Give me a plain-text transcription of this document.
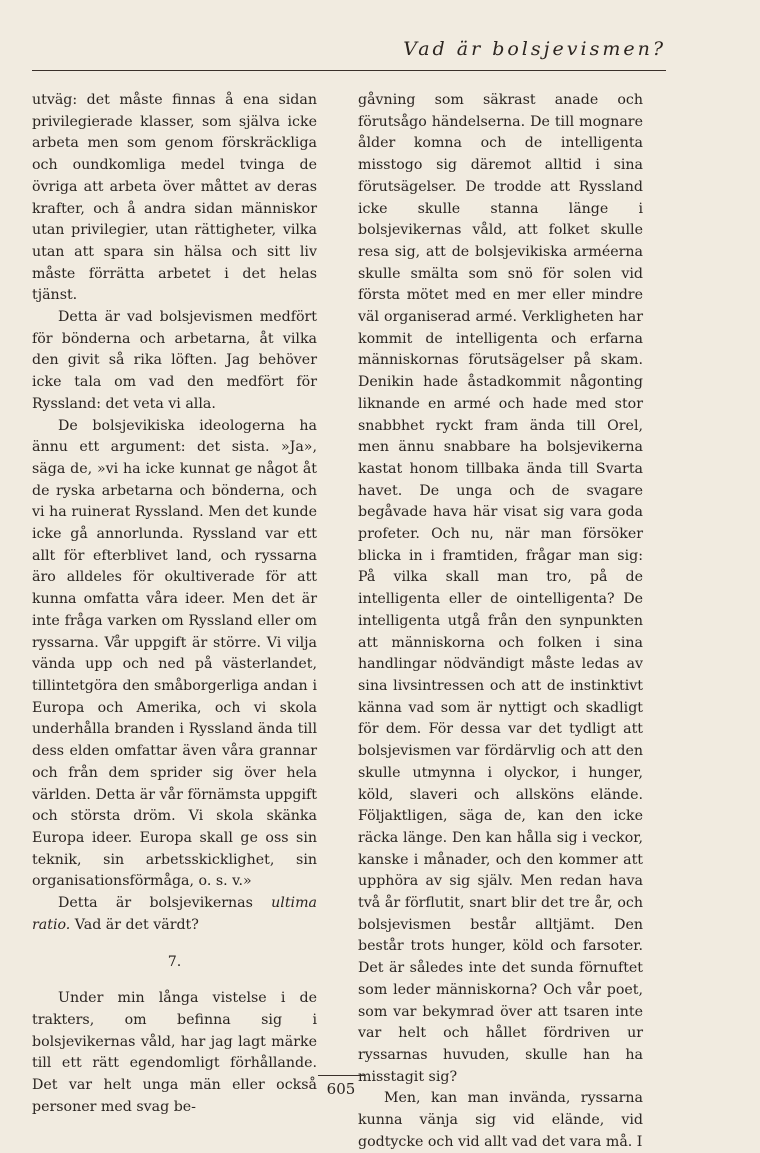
Vad är bolsjevismen?

utväg: det måste finnas å ena sidan privilegierade klasser, som själva icke arbeta men som genom förskräckliga och oundkomliga medel tvinga de övriga att arbeta över måttet av deras krafter, och å andra sidan människor utan privilegier, utan rättigheter, vilka utan att spara sin hälsa och sitt liv måste förrätta arbetet i det helas tjänst.

Detta är vad bolsjevismen medfört för bönderna och arbetarna, åt vilka den givit så rika löften. Jag behöver icke tala om vad den medfört för Ryssland: det veta vi alla.

De bolsjevikiska ideologerna ha ännu ett argument: det sista. »Ja», säga de, »vi ha icke kunnat ge något åt de ryska arbetarna och bönderna, och vi ha ruinerat Ryssland. Men det kunde icke gå annorlunda. Ryssland var ett allt för efterblivet land, och ryssarna äro alldeles för okultiverade för att kunna omfatta våra ideer. Men det är inte fråga varken om Ryssland eller om ryssarna. Vår uppgift är större. Vi vilja vända upp och ned på västerlandet, tillintetgöra den småborgerliga andan i Europa och Amerika, och vi skola underhålla branden i Ryssland ända till dess elden omfattar även våra grannar och från dem sprider sig över hela världen. Detta är vår förnämsta uppgift och största dröm. Vi skola skänka Europa ideer. Europa skall ge oss sin teknik, sin arbetsskicklighet, sin organisationsförmåga, o. s. v.»

Detta är bolsjevikernas ultima ratio. Vad är det värdt?

7.

Under min långa vistelse i de trakters, om befinna sig i bolsjevikernas våld, har jag lagt märke till ett rätt egendomligt förhållande. Det var helt unga män eller också personer med svag be-

gåvning som säkrast anade och förutsågo händelserna. De till mognare ålder komna och de intelligenta misstogo sig däremot alltid i sina förutsägelser. De trodde att Ryssland icke skulle stanna länge i bolsjevikernas våld, att folket skulle resa sig, att de bolsjevikiska arméerna skulle smälta som snö för solen vid första mötet med en mer eller mindre väl organiserad armé. Verkligheten har kommit de intelligenta och erfarna människornas förutsägelser på skam. Denikin hade åstadkommit någonting liknande en armé och hade med stor snabbhet ryckt fram ända till Orel, men ännu snabbare ha bolsjevikerna kastat honom tillbaka ända till Svarta havet. De unga och de svagare begåvade hava här visat sig vara goda profeter. Och nu, när man försöker blicka in i framtiden, frågar man sig: På vilka skall man tro, på de intelligenta eller de ointelligenta? De intelligenta utgå från den synpunkten att människorna och folken i sina handlingar nödvändigt måste ledas av sina livsintressen och att de instinktivt känna vad som är nyttigt och skadligt för dem. För dessa var det tydligt att bolsjevismen var fördärvlig och att den skulle utmynna i olyckor, i hunger, köld, slaveri och allsköns elände. Följaktligen, säga de, kan den icke räcka länge. Den kan hålla sig i veckor, kanske i månader, och den kommer att upphöra av sig själv. Men redan hava två år förflutit, snart blir det tre år, och bolsjevismen består alltjämt. Den består trots hunger, köld och farsoter. Det är således inte det sunda förnuftet som leder människorna? Och vår poet, som var bekymrad över att tsaren inte var helt och hållet fördriven ur ryssarnas huvuden, skulle han ha misstagit sig?

Men, kan man invända, ryssarna kunna vänja sig vid elände, vid godtycke och vid allt vad det vara må. I

605
